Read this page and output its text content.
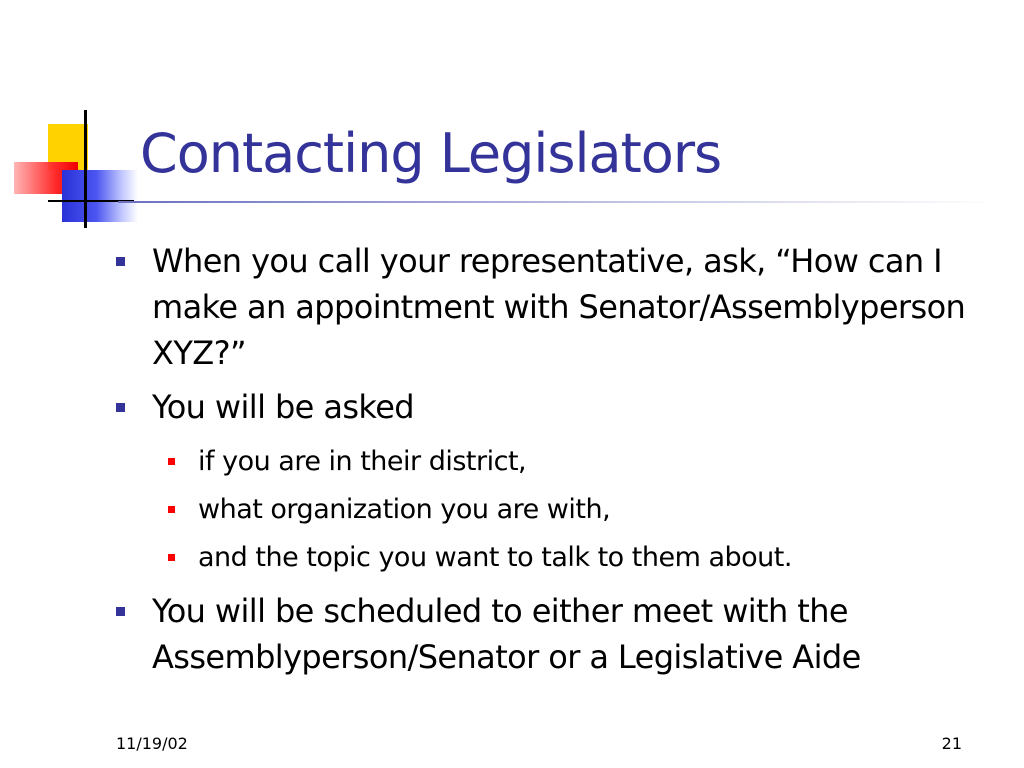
Contacting Legislators
When you call your representative, ask, “How can I make an appointment with Senator/Assemblyperson XYZ?”
You will be asked
if you are in their district,
what organization you are with,
and the topic you want to talk to them about.
You will be scheduled to either meet with the Assemblyperson/Senator or a Legislative Aide
11/19/02	21
